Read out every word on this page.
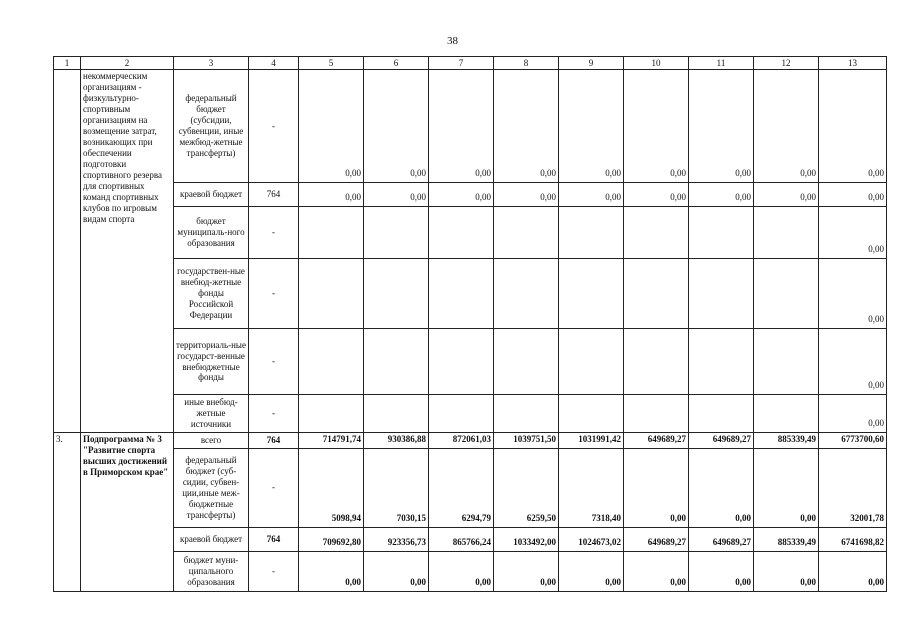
38
1	2	3	4	5	6	7	8	9	10	11	12	13
	некоммерческим организациям - физкультурно-спортивным организациям на возмещение затрат, возникающих при обеспечении подготовки спортивного резерва для спортивных команд спортивных клубов по игровым видам спорта	федеральный бюджет (субсидии, субвенции, иные межбюд-жетные трансферты)	-	0,00	0,00	0,00	0,00	0,00	0,00	0,00	0,00	0,00
		краевой бюджет	764	0,00	0,00	0,00	0,00	0,00	0,00	0,00	0,00	0,00
		бюджет муниципаль-ного образования	-									0,00
		государствен-ные внебюд-жетные фонды Российской Федерации	-									0,00
		территориаль-ные государст-венные внебюджетные фонды	-									0,00
		иные внебюд-жетные источники	-									0,00
3.	Подпрограмма № 3 "Развитие спорта высших достижений в Приморском крае"	всего	764	714791,74	930386,88	872061,03	1039751,50	1031991,42	649689,27	649689,27	885339,49	6773700,60
		федеральный бюджет (суб-сидии, субвен-ции,иные меж-бюджетные трансферты)	-	5098,94	7030,15	6294,79	6259,50	7318,40	0,00	0,00	0,00	32001,78
		краевой бюджет	764	709692,80	923356,73	865766,24	1033492,00	1024673,02	649689,27	649689,27	885339,49	6741698,82
		бюджет муни-ципального образования	-	0,00	0,00	0,00	0,00	0,00	0,00	0,00	0,00	0,00
